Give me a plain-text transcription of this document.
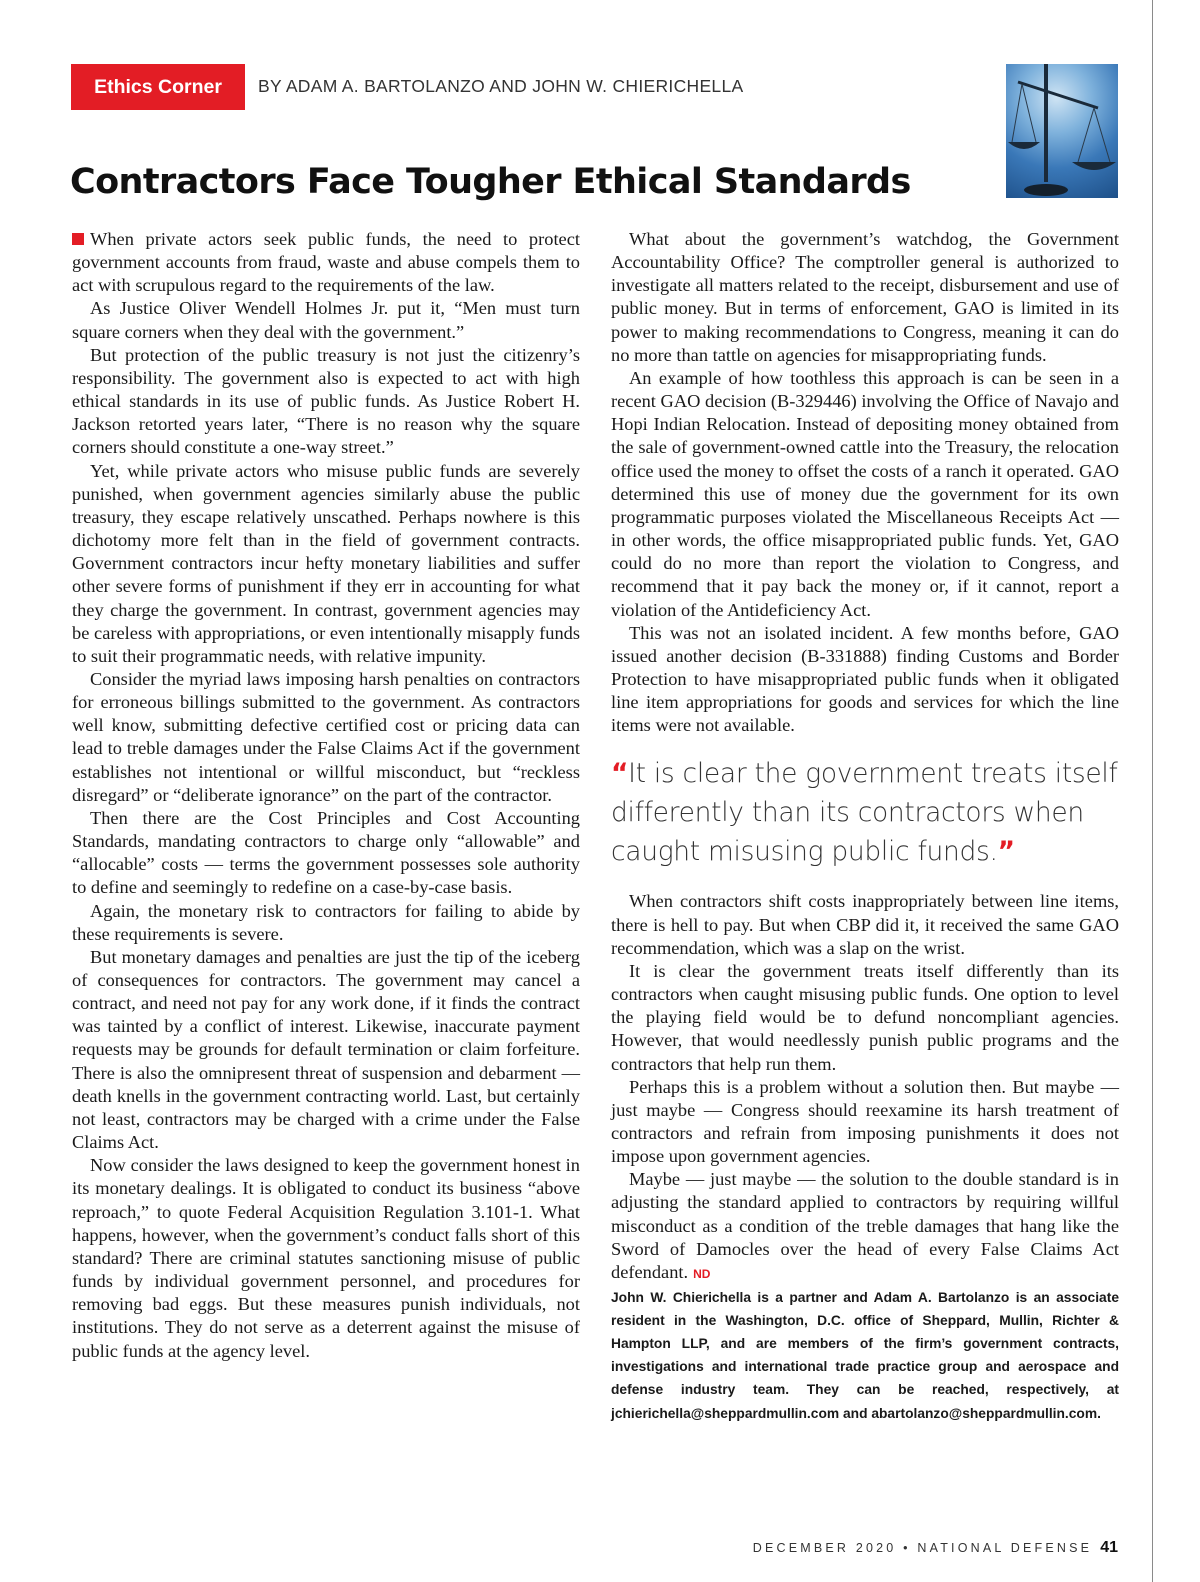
Ethics Corner	BY ADAM A. BARTOLANZO AND JOHN W. CHIERICHELLA
Contractors Face Tougher Ethical Standards

When private actors seek public funds, the need to protect government accounts from fraud, waste and abuse compels them to act with scrupulous regard to the requirements of the law.

As Justice Oliver Wendell Holmes Jr. put it, “Men must turn square corners when they deal with the government.”

But protection of the public treasury is not just the citizenry’s responsibility. The government also is expected to act with high ethical standards in its use of public funds. As Justice Robert H. Jackson retorted years later, “There is no reason why the square corners should constitute a one-way street.”

Yet, while private actors who misuse public funds are severely punished, when government agencies similarly abuse the public treasury, they escape relatively unscathed. Perhaps nowhere is this dichotomy more felt than in the field of government contracts. Government contractors incur hefty monetary liabilities and suffer other severe forms of punishment if they err in accounting for what they charge the government. In contrast, government agencies may be careless with appropriations, or even intentionally misapply funds to suit their programmatic needs, with relative impunity.

Consider the myriad laws imposing harsh penalties on contractors for erroneous billings submitted to the government. As contractors well know, submitting defective certified cost or pricing data can lead to treble damages under the False Claims Act if the government establishes not intentional or willful misconduct, but “reckless disregard” or “deliberate ignorance” on the part of the contractor.

Then there are the Cost Principles and Cost Accounting Standards, mandating contractors to charge only “allowable” and “allocable” costs — terms the government possesses sole authority to define and seemingly to redefine on a case-by-case basis.

Again, the monetary risk to contractors for failing to abide by these requirements is severe.

But monetary damages and penalties are just the tip of the iceberg of consequences for contractors. The government may cancel a contract, and need not pay for any work done, if it finds the contract was tainted by a conflict of interest. Likewise, inaccurate payment requests may be grounds for default termination or claim forfeiture. There is also the omnipresent threat of suspension and debarment — death knells in the government contracting world. Last, but certainly not least, contractors may be charged with a crime under the False Claims Act.

Now consider the laws designed to keep the government honest in its monetary dealings. It is obligated to conduct its business “above reproach,” to quote Federal Acquisition Regulation 3.101-1. What happens, however, when the government’s conduct falls short of this standard? There are criminal statutes sanctioning misuse of public funds by individual government personnel, and procedures for removing bad eggs. But these measures punish individuals, not institutions. They do not serve as a deterrent against the misuse of public funds at the agency level.

What about the government’s watchdog, the Government Accountability Office? The comptroller general is authorized to investigate all matters related to the receipt, disbursement and use of public money. But in terms of enforcement, GAO is limited in its power to making recommendations to Congress, meaning it can do no more than tattle on agencies for misappropriating funds.

An example of how toothless this approach is can be seen in a recent GAO decision (B-329446) involving the Office of Navajo and Hopi Indian Relocation. Instead of depositing money obtained from the sale of government-owned cattle into the Treasury, the relocation office used the money to offset the costs of a ranch it operated. GAO determined this use of money due the government for its own programmatic purposes violated the Miscellaneous Receipts Act — in other words, the office misappropriated public funds. Yet, GAO could do no more than report the violation to Congress, and recommend that it pay back the money or, if it cannot, report a violation of the Antideficiency Act.

This was not an isolated incident. A few months before, GAO issued another decision (B-331888) finding Customs and Border Protection to have misappropriated public funds when it obligated line item appropriations for goods and services for which the line items were not available.

“It is clear the government treats itself differently than its contractors when caught misusing public funds.”

When contractors shift costs inappropriately between line items, there is hell to pay. But when CBP did it, it received the same GAO recommendation, which was a slap on the wrist.

It is clear the government treats itself differently than its contractors when caught misusing public funds. One option to level the playing field would be to defund noncompliant agencies. However, that would needlessly punish public programs and the contractors that help run them.

Perhaps this is a problem without a solution then. But maybe — just maybe — Congress should reexamine its harsh treatment of contractors and refrain from imposing punishments it does not impose upon government agencies.

Maybe — just maybe — the solution to the double standard is in adjusting the standard applied to contractors by requiring willful misconduct as a condition of the treble damages that hang like the Sword of Damocles over the head of every False Claims Act defendant. ND

John W. Chierichella is a partner and Adam A. Bartolanzo is an associate resident in the Washington, D.C. office of Sheppard, Mullin, Richter & Hampton LLP, and are members of the firm’s government contracts, investigations and international trade practice group and aerospace and defense industry team. They can be reached, respectively, at jchierichella@sheppardmullin.com and abartolanzo@sheppardmullin.com.

DECEMBER 2020 • NATIONAL DEFENSE 41
